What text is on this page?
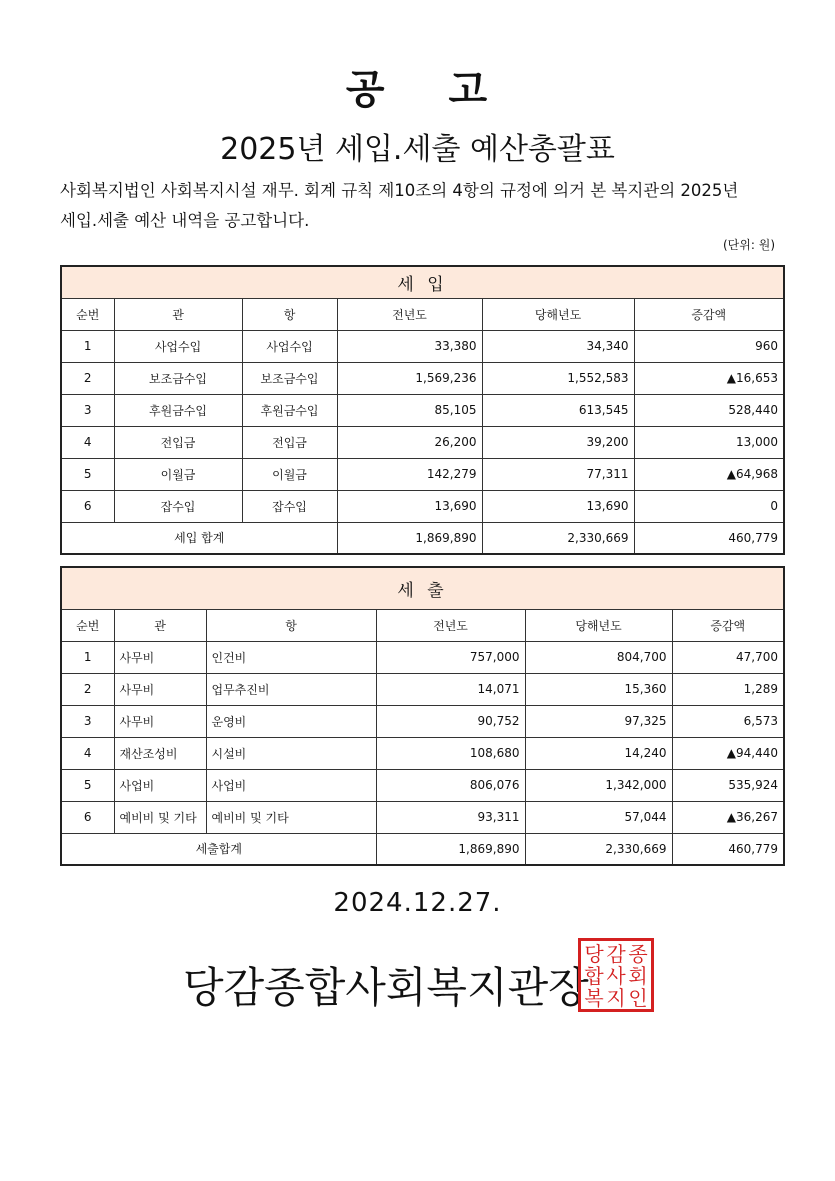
공 고
2025년 세입.세출 예산총괄표
사회복지법인 사회복지시설 재무. 회계 규칙 제10조의 4항의 규정에 의거 본 복지관의 2025년
세입.세출 예산 내역을 공고합니다.
(단위: 원)
세 입					
순번	관	항	전년도	당해년도	증감액
1	사업수입	사업수입	33,380	34,340	960
2	보조금수입	보조금수입	1,569,236	1,552,583	▲16,653
3	후원금수입	후원금수입	85,105	613,545	528,440
4	전입금	전입금	26,200	39,200	13,000
5	이월금	이월금	142,279	77,311	▲64,968
6	잡수입	잡수입	13,690	13,690	0
세입 합계			1,869,890	2,330,669	460,779
세 출					
순번	관	항	전년도	당해년도	증감액
1	사무비	인건비	757,000	804,700	47,700
2	사무비	업무추진비	14,071	15,360	1,289
3	사무비	운영비	90,752	97,325	6,573
4	재산조성비	시설비	108,680	14,240	▲94,440
5	사업비	사업비	806,076	1,342,000	535,924
6	예비비 및 기타	예비비 및 기타	93,311	57,044	▲36,267
세출합계			1,869,890	2,330,669	460,779
2024.12.27.
당감종합사회복지관장
당 감 종
합 사 회
복 지 인
